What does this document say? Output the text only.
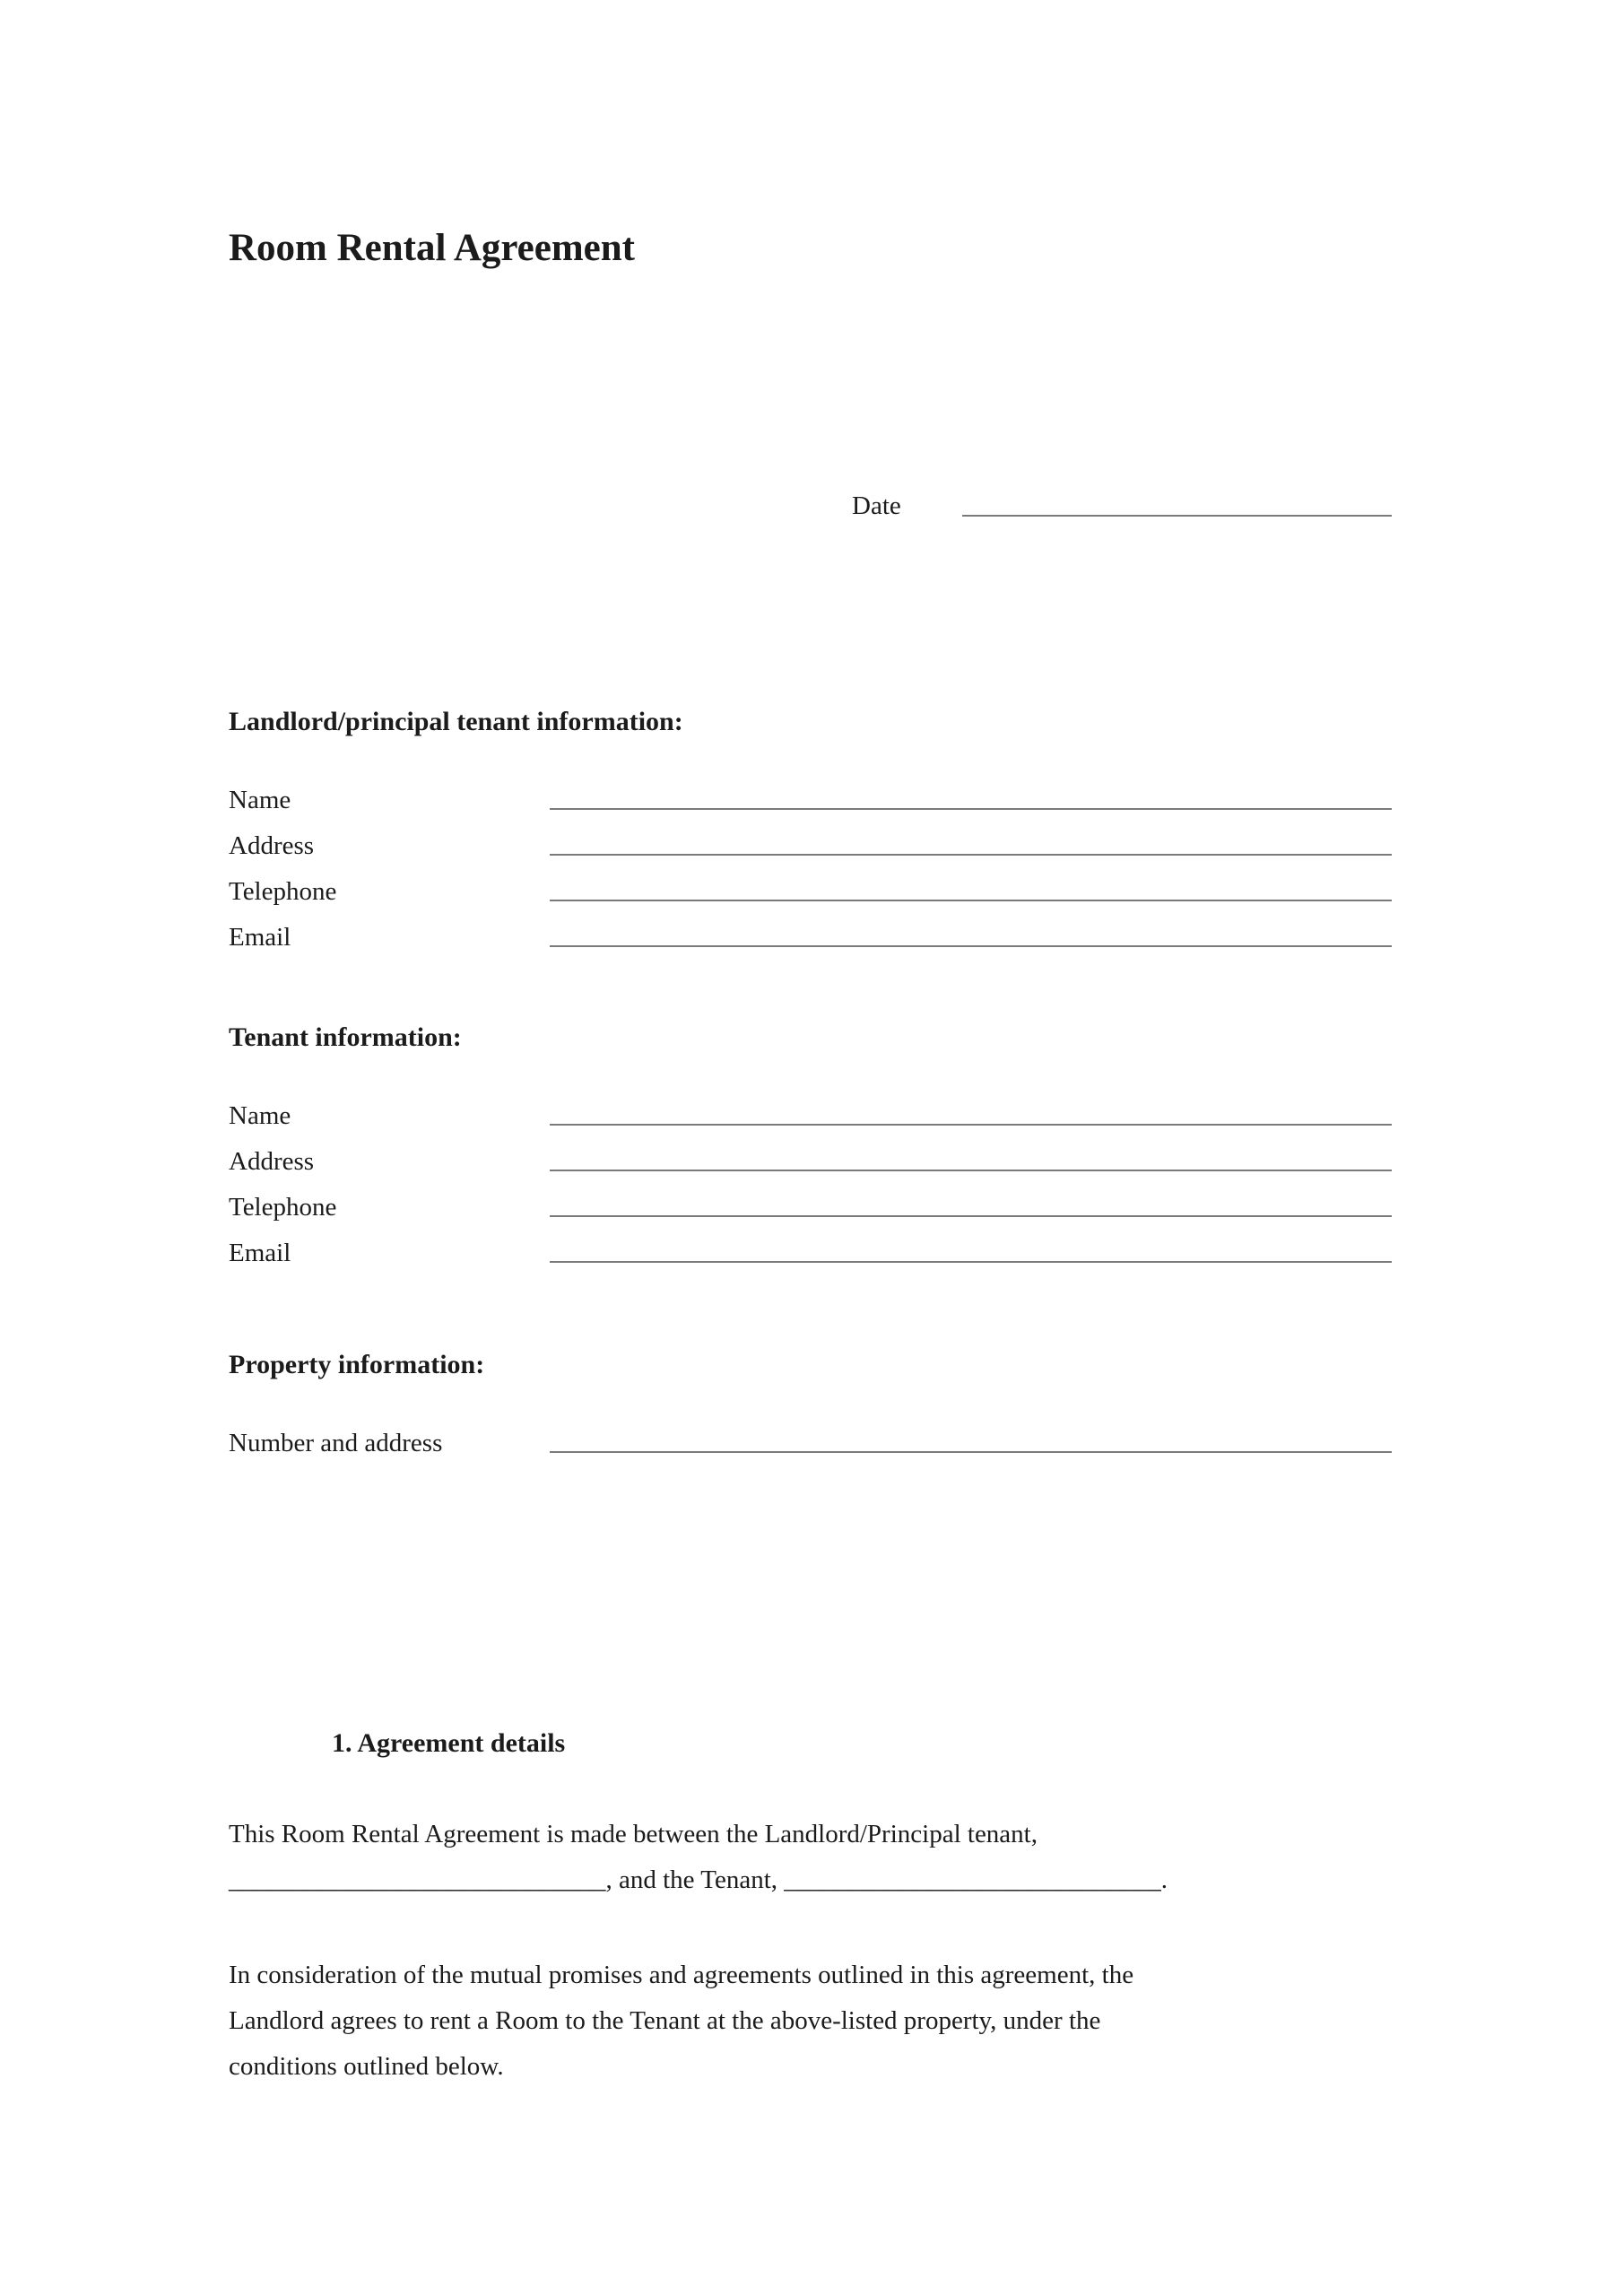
Room Rental Agreement
Date
Landlord/principal tenant information:
Name
Address
Telephone
Email
Tenant information:
Name
Address
Telephone
Email
Property information:
Number and address
1. Agreement details
This Room Rental Agreement is made between the Landlord/Principal tenant,
_____________________________, and the Tenant, _____________________________.
In consideration of the mutual promises and agreements outlined in this agreement, the
Landlord agrees to rent a Room to the Tenant at the above-listed property, under the
conditions outlined below.
